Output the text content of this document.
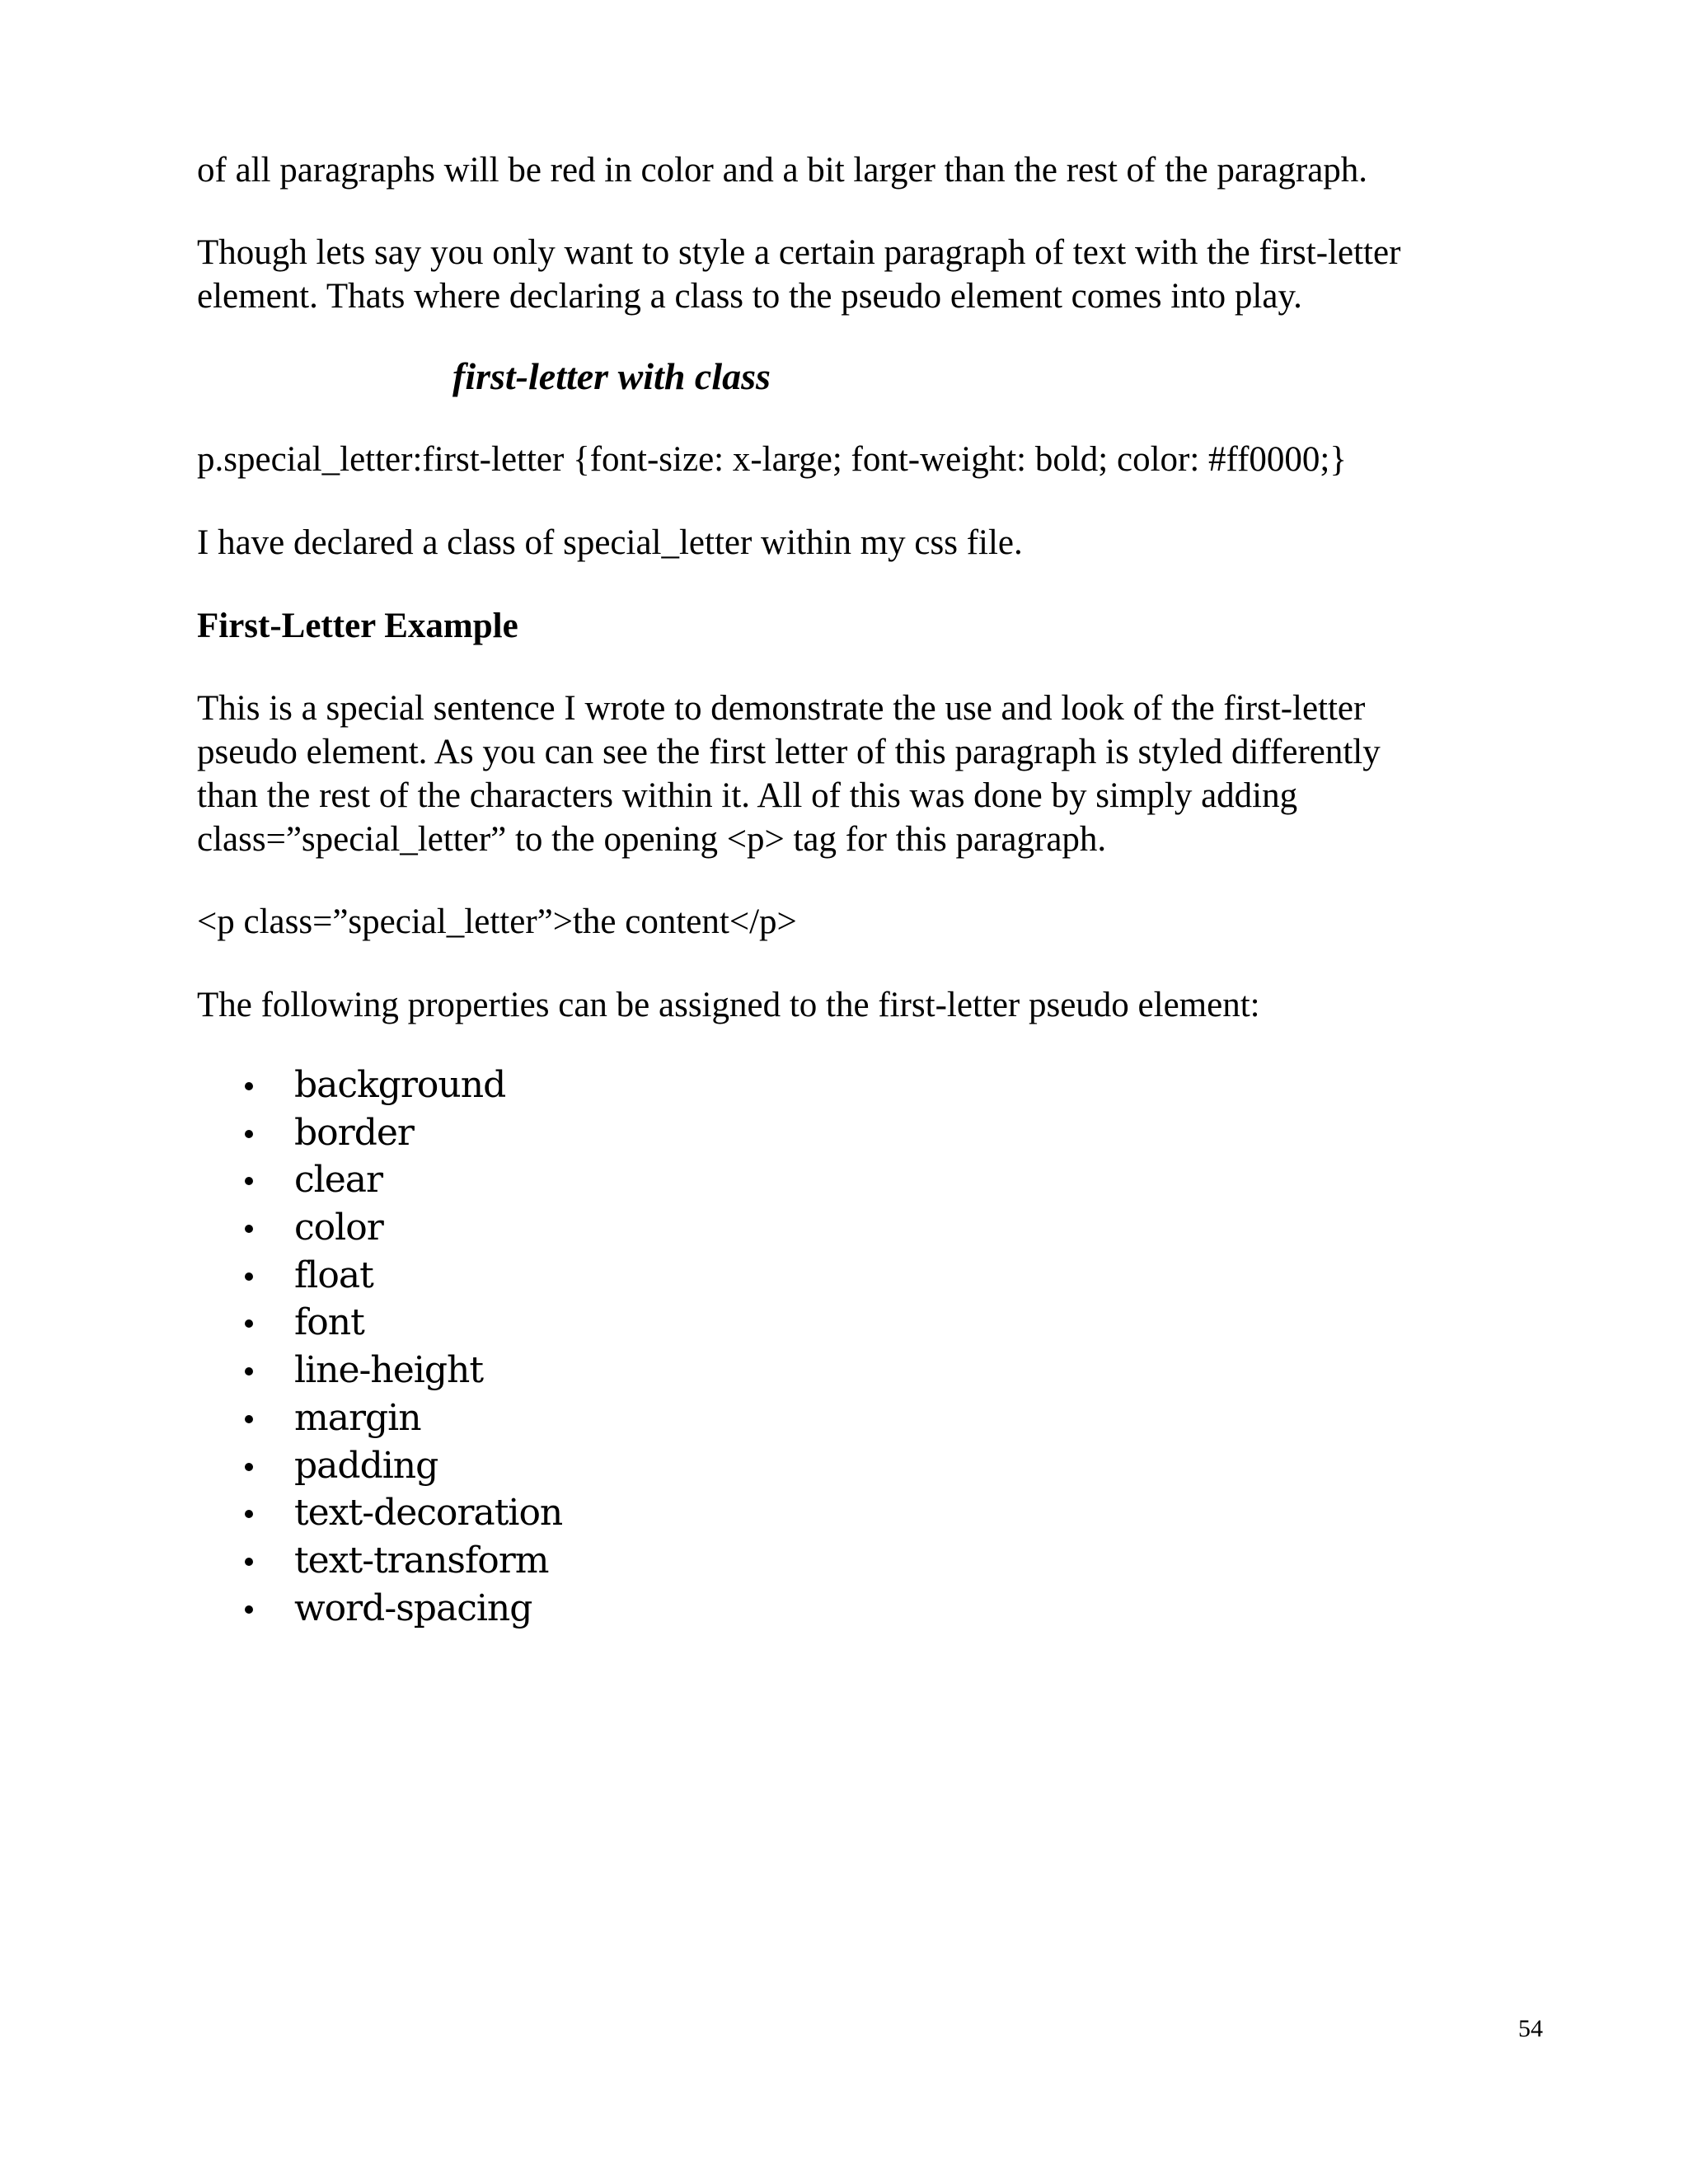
of all paragraphs will be red in color and a bit larger than the rest of the paragraph.

Though lets say you only want to style a certain paragraph of text with the first-letter

element. Thats where declaring a class to the pseudo element comes into play.

first-letter with class

p.special_letter:first-letter {font-size: x-large; font-weight: bold; color: #ff0000;}

I have declared a class of special_letter within my css file.

First-Letter Example

This is a special sentence I wrote to demonstrate the use and look of the first-letter

pseudo element. As you can see the first letter of this paragraph is styled differently

than the rest of the characters within it. All of this was done by simply adding

class=”special_letter” to the opening <p> tag for this paragraph.

<p class=”special_letter”>the content</p>

The following properties can be assigned to the first-letter pseudo element:

background
border
clear
color
float
font
line-height
margin
padding
text-decoration
text-transform
word-spacing
54
